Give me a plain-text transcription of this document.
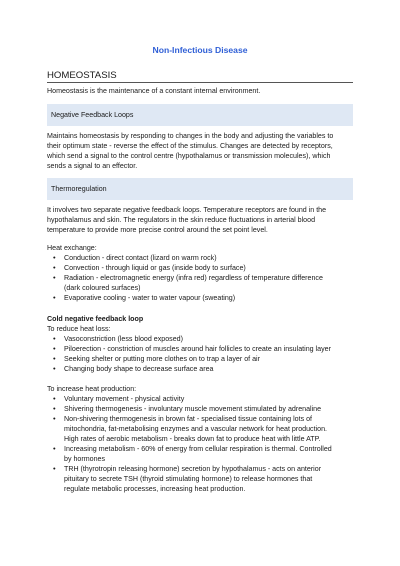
Non-Infectious Disease
HOMEOSTASIS
Homeostasis is the maintenance of a constant internal environment.
Negative Feedback Loops
Maintains homeostasis by responding to changes in the body and adjusting the variables to
their optimum state - reverse the effect of the stimulus. Changes are detected by receptors,
which send a signal to the control centre (hypothalamus or transmission molecules), which
sends a signal to an effector.
Thermoregulation
It involves two separate negative feedback loops. Temperature receptors are found in the
hypothalamus and skin. The regulators in the skin reduce fluctuations in arterial blood
temperature to provide more precise control around the set point level.
Heat exchange:
• Conduction - direct contact (lizard on warm rock)
• Convection - through liquid or gas (inside body to surface)
• Radiation - electromagnetic energy (infra red) regardless of temperature difference
(dark coloured surfaces)
• Evaporative cooling - water to water vapour (sweating)
Cold negative feedback loop
To reduce heat loss:
• Vasoconstriction (less blood exposed)
• Piloerection - constriction of muscles around hair follicles to create an insulating layer
• Seeking shelter or putting more clothes on to trap a layer of air
• Changing body shape to decrease surface area
To increase heat production:
• Voluntary movement - physical activity
• Shivering thermogenesis - involuntary muscle movement stimulated by adrenaline
• Non-shivering thermogenesis in brown fat - specialised tissue containing lots of
mitochondria, fat-metabolising enzymes and a vascular network for heat production.
High rates of aerobic metabolism - breaks down fat to produce heat with little ATP.
• Increasing metabolism - 60% of energy from cellular respiration is thermal. Controlled
by hormones
• TRH (thyrotropin releasing hormone) secretion by hypothalamus - acts on anterior
pituitary to secrete TSH (thyroid stimulating hormone) to release hormones that
regulate metabolic processes, increasing heat production.
